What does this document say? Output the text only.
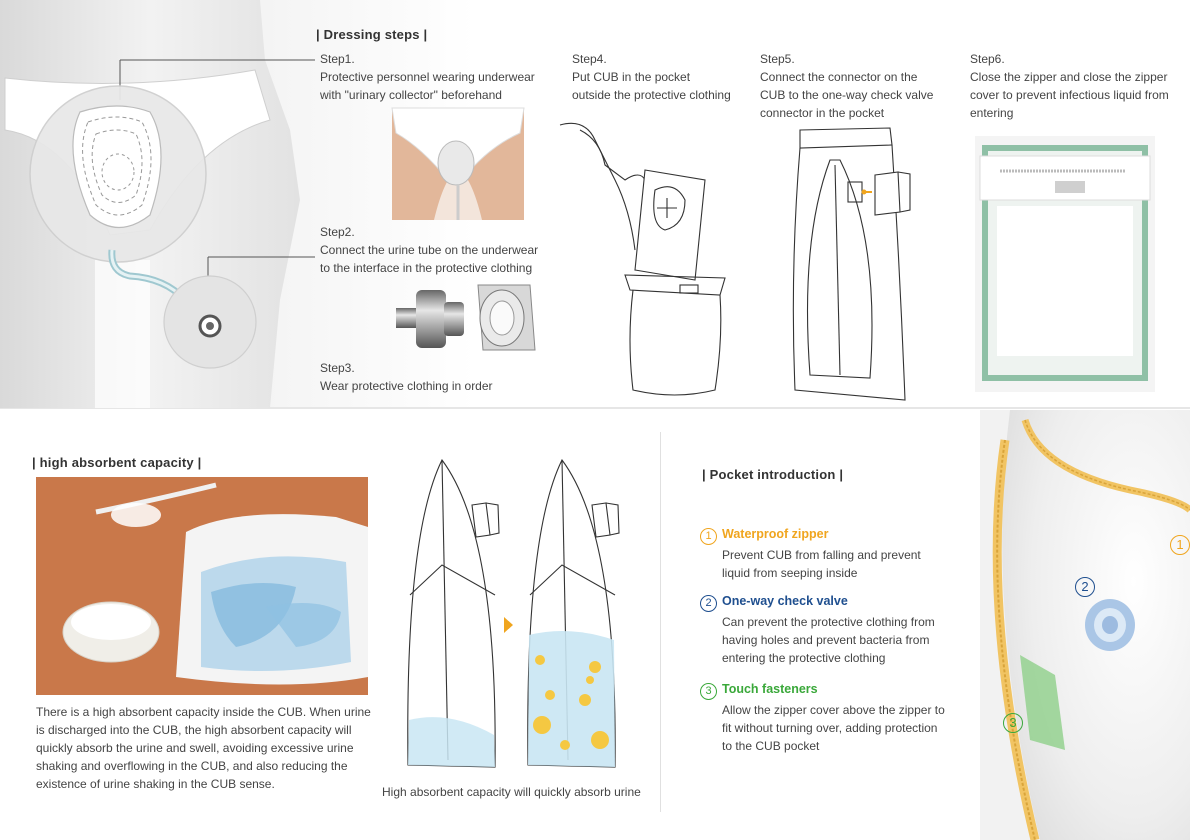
| Dressing steps |
Step1.
Protective personnel wearing underwear with "urinary collector" beforehand
Step2.
Connect the urine tube on the underwear to the interface in the protective clothing
Step3.
Wear protective clothing in order
Step4.
Put CUB in the pocket outside the protective clothing
Step5.
Connect the connector on the CUB to the one-way check valve connector in the pocket
Step6.
Close the zipper and close the zipper cover to prevent infectious liquid from entering
| high absorbent capacity |
There is a high absorbent capacity inside the CUB. When urine is discharged into the CUB, the high absorbent capacity will quickly absorb the urine and swell, avoiding excessive urine shaking and overflowing in the CUB, and also reducing the existence of urine shaking in the CUB sense.
High absorbent capacity will quickly absorb urine
| Pocket introduction |
1 Waterproof zipper
Prevent CUB from falling and prevent liquid from seeping inside
2 One-way check valve
Can prevent the protective clothing from having holes and prevent bacteria from entering the protective clothing
3 Touch fasteners
Allow the zipper cover above the zipper to fit without turning over, adding protection to the CUB pocket
1
2
3
